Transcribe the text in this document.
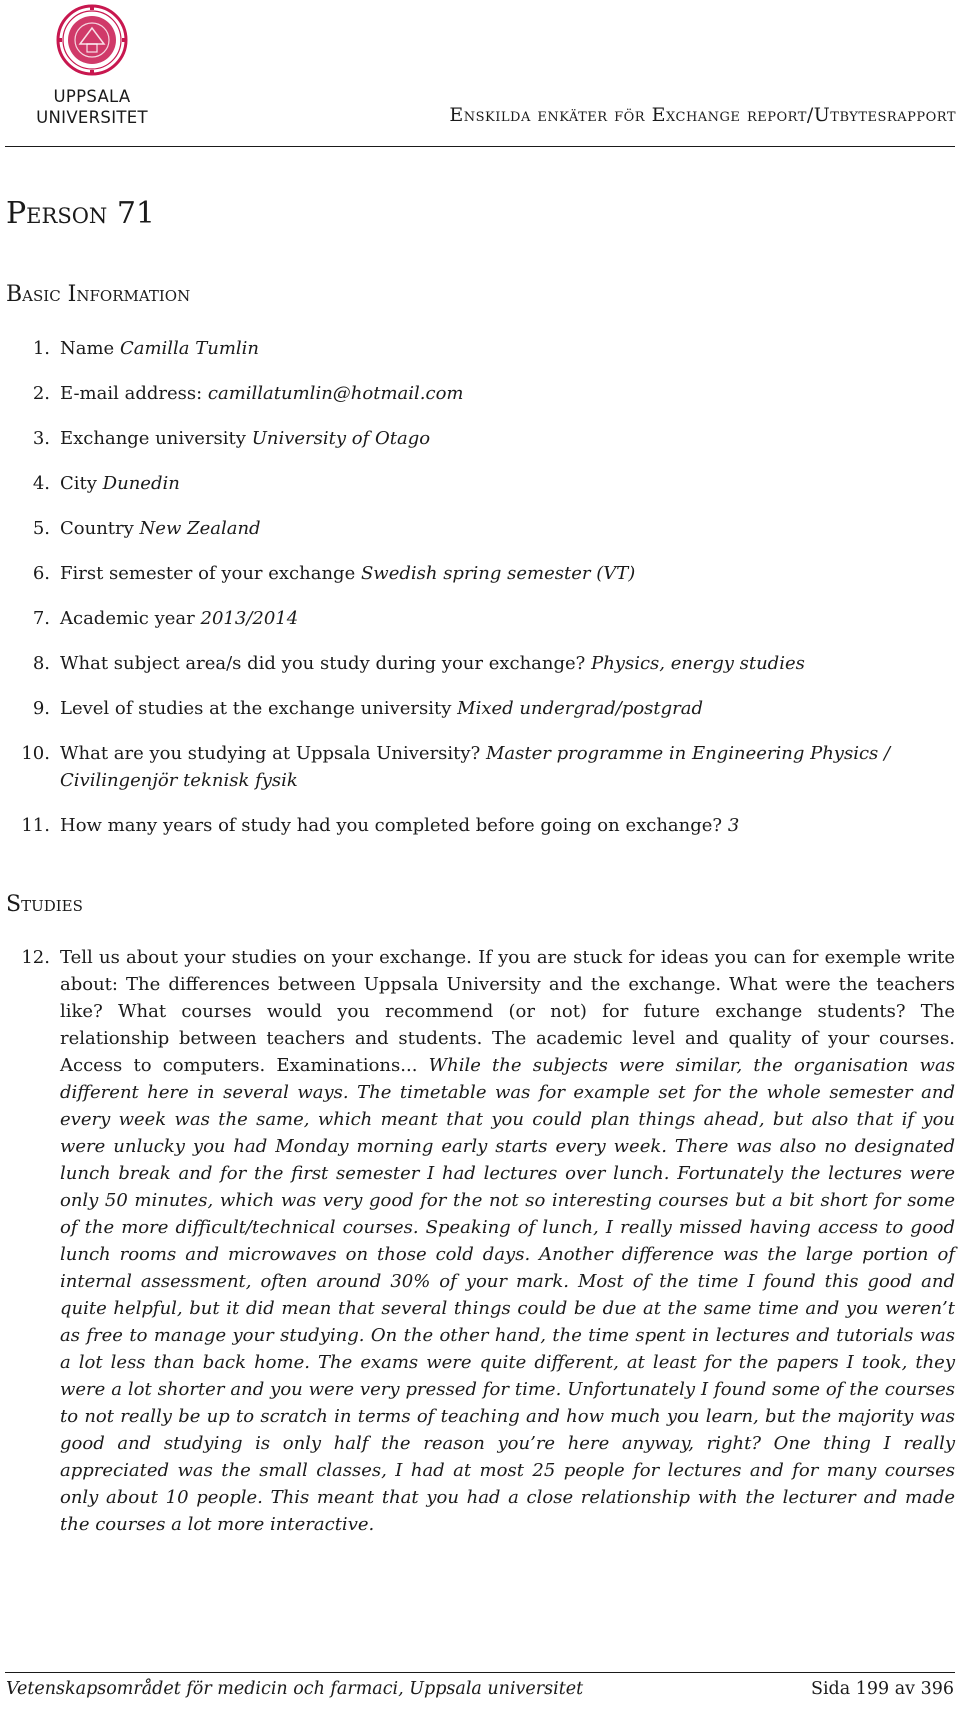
UPPSALA
UNIVERSITET	Enskilda enkäter för Exchange report/Utbytesrapport
Person 71
Basic Information
1. Name Camilla Tumlin
2. E-mail address: camillatumlin@hotmail.com
3. Exchange university University of Otago
4. City Dunedin
5. Country New Zealand
6. First semester of your exchange Swedish spring semester (VT)
7. Academic year 2013/2014
8. What subject area/s did you study during your exchange? Physics, energy studies
9. Level of studies at the exchange university Mixed undergrad/postgrad
10. What are you studying at Uppsala University? Master programme in Engineering Physics / Civilingenjör teknisk fysik
11. How many years of study had you completed before going on exchange? 3
Studies
12. Tell us about your studies on your exchange. If you are stuck for ideas you can for exemple write about: The differences between Uppsala University and the exchange. What were the teachers like? What courses would you recommend (or not) for future exchange students? The relationship between teachers and students. The academic level and quality of your courses. Access to computers. Examinations... While the subjects were similar, the organisation was different here in several ways. The timetable was for example set for the whole semester and every week was the same, which meant that you could plan things ahead, but also that if you were unlucky you had Monday morning early starts every week. There was also no designated lunch break and for the first semester I had lectures over lunch. Fortunately the lectures were only 50 minutes, which was very good for the not so interesting courses but a bit short for some of the more difficult/technical courses. Speaking of lunch, I really missed having access to good lunch rooms and microwaves on those cold days. Another difference was the large portion of internal assessment, often around 30% of your mark. Most of the time I found this good and quite helpful, but it did mean that several things could be due at the same time and you weren’t as free to manage your studying. On the other hand, the time spent in lectures and tutorials was a lot less than back home. The exams were quite different, at least for the papers I took, they were a lot shorter and you were very pressed for time. Unfortunately I found some of the courses to not really be up to scratch in terms of teaching and how much you learn, but the majority was good and studying is only half the reason you’re here anyway, right? One thing I really appreciated was the small classes, I had at most 25 people for lectures and for many courses only about 10 people. This meant that you had a close relationship with the lecturer and made the courses a lot more interactive.
Vetenskapsområdet för medicin och farmaci, Uppsala universitet	Sida 199 av 396
